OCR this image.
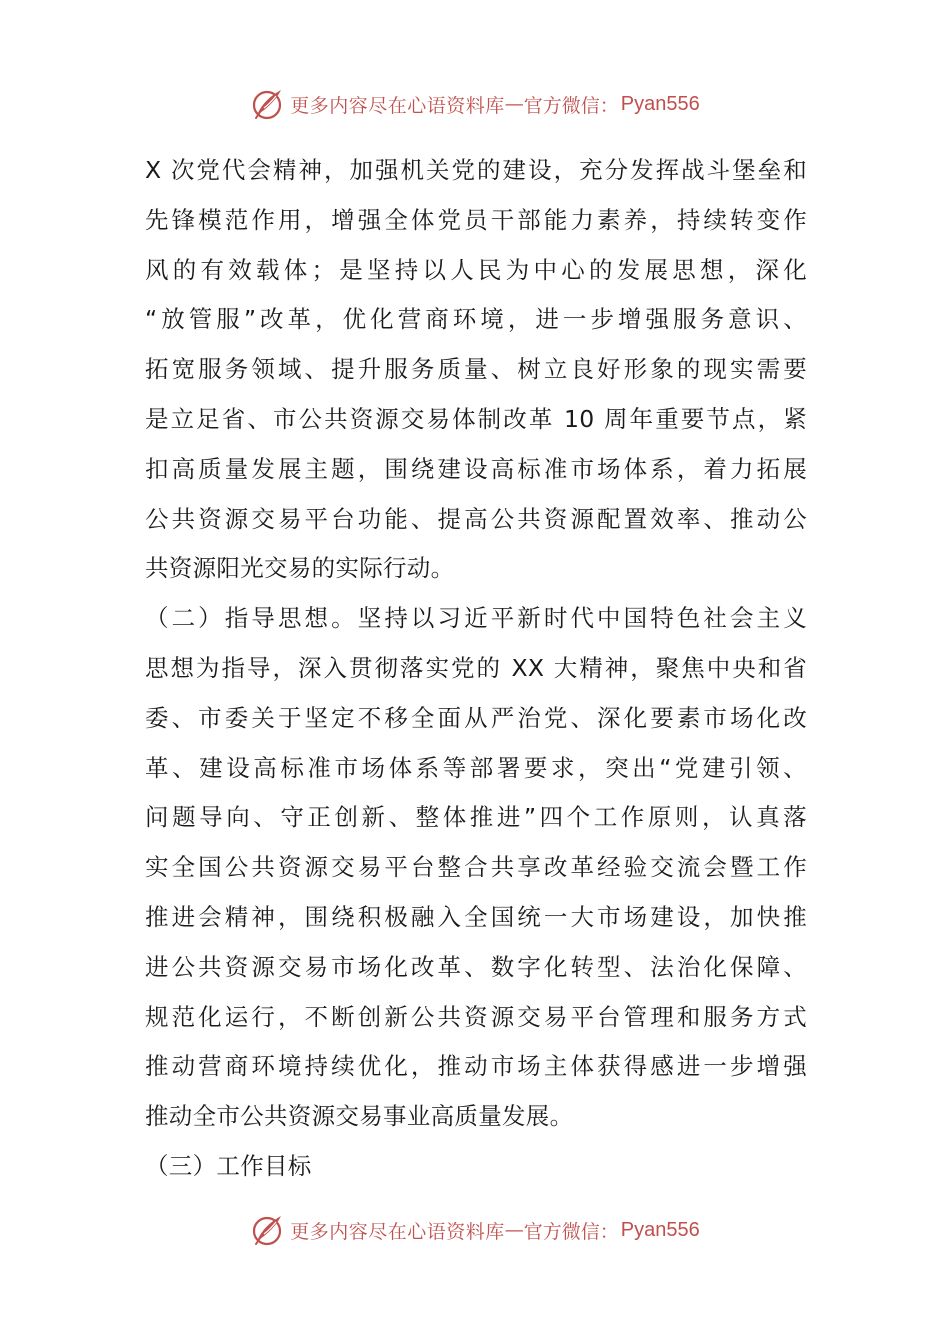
更多内容尽在心语资料库 — 官方微信： Pyan556
X 次党代会精神，加强机关党的建设，充分发挥战斗堡垒和
先锋模范作用，增强全体党员干部能力素养，持续转变作
风的有效载体；是坚持以人民为中心的发展思想，深化
“放管服”改革，优化营商环境，进一步增强服务意识、
拓宽服务领域、提升服务质量、树立良好形象的现实需要
是立足省、市公共资源交易体制改革 10 周年重要节点，紧
扣高质量发展主题，围绕建设高标准市场体系，着力拓展
公共资源交易平台功能、提高公共资源配置效率、推动公
共资源阳光交易的实际行动。
（二）指导思想。坚持以习近平新时代中国特色社会主义
思想为指导，深入贯彻落实党的 XX 大精神，聚焦中央和省
委、市委关于坚定不移全面从严治党、深化要素市场化改
革、建设高标准市场体系等部署要求，突出“党建引领、
问题导向、守正创新、整体推进”四个工作原则，认真落
实全国公共资源交易平台整合共享改革经验交流会暨工作
推进会精神，围绕积极融入全国统一大市场建设，加快推
进公共资源交易市场化改革、数字化转型、法治化保障、
规范化运行，不断创新公共资源交易平台管理和服务方式
推动营商环境持续优化，推动市场主体获得感进一步增强
推动全市公共资源交易事业高质量发展。
（三）工作目标
更多内容尽在心语资料库 — 官方微信： Pyan556
